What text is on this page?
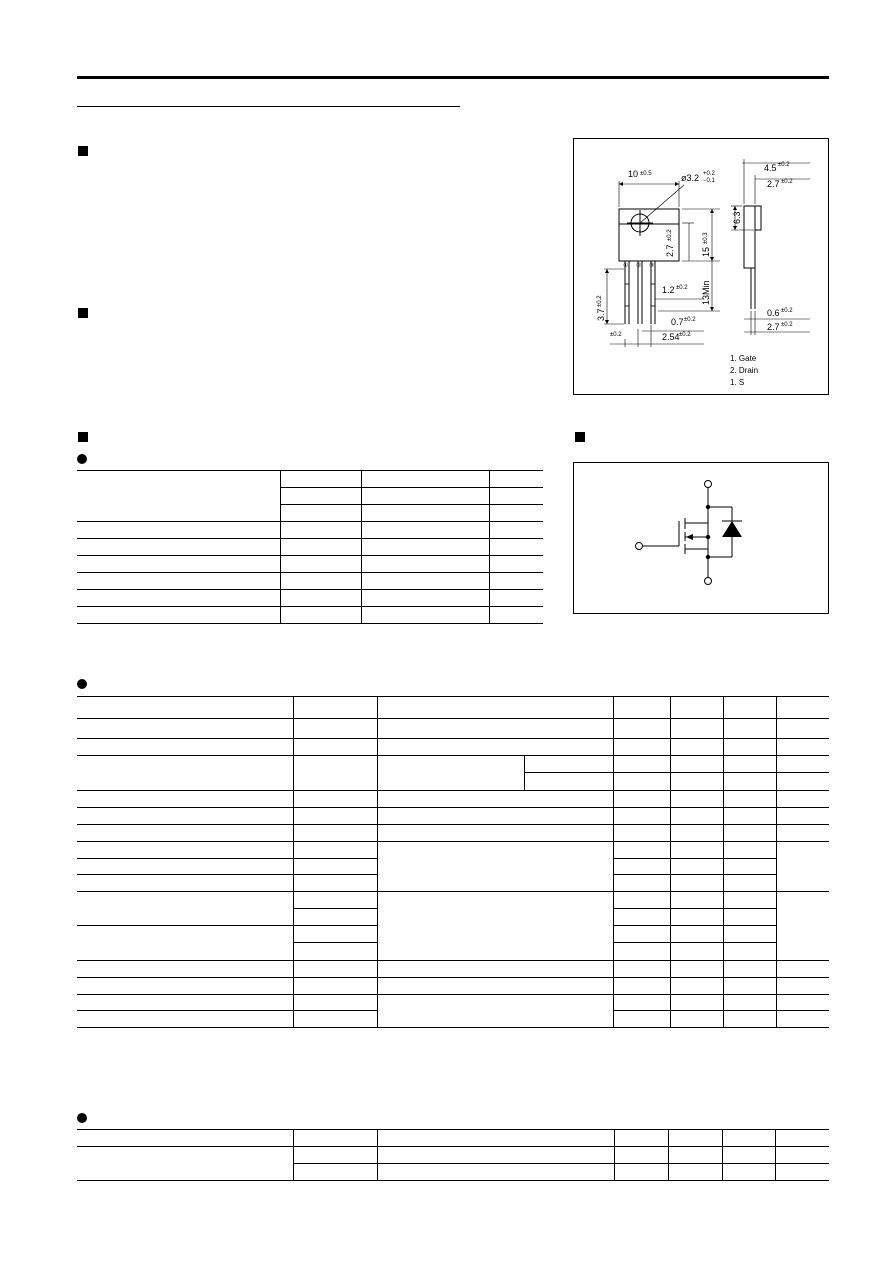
10 ±0.5	ø3.2 +0.2
−0.1
2.7
±0.2
15
±0.3
13Min
1.2 ±0.2
0.7 ±0.2
2.54 ±0.2
±0.2
3.7
±0.2
4.5 ±0.2
2.7 ±0.2
6.3
0.6 ±0.2
2.7 ±0.2
① ② ③
1. Gate
2. Drain
1. S
